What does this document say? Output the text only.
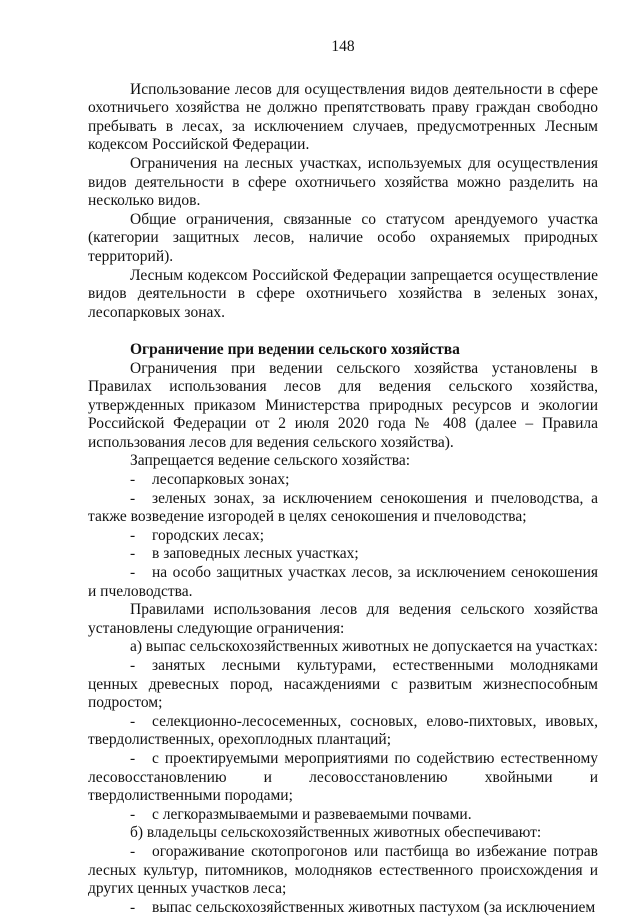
148

Использование лесов для осуществления видов деятельности в сфере охотничьего хозяйства не должно препятствовать праву граждан свободно пребывать в лесах, за исключением случаев, предусмотренных Лесным кодексом Российской Федерации.

Ограничения на лесных участках, используемых для осуществления видов деятельности в сфере охотничьего хозяйства можно разделить на несколько видов.

Общие ограничения, связанные со статусом арендуемого участка (категории защитных лесов, наличие особо охраняемых природных территорий).

Лесным кодексом Российской Федерации запрещается осуществление видов деятельности в сфере охотничьего хозяйства в зеленых зонах, лесопарковых зонах.

Ограничение при ведении сельского хозяйства

Ограничения при ведении сельского хозяйства установлены в Правилах использования лесов для ведения сельского хозяйства, утвержденных приказом Министерства природных ресурсов и экологии Российской Федерации от 2 июля 2020 года № 408 (далее – Правила использования лесов для ведения сельского хозяйства).

Запрещается ведение сельского хозяйства:

- лесопарковых зонах;

- зеленых зонах, за исключением сенокошения и пчеловодства, а также возведение изгородей в целях сенокошения и пчеловодства;

- городских лесах;

- в заповедных лесных участках;

- на особо защитных участках лесов, за исключением сенокошения и пчеловодства.

Правилами использования лесов для ведения сельского хозяйства установлены следующие ограничения:

а) выпас сельскохозяйственных животных не допускается на участках:

- занятых лесными культурами, естественными молодняками ценных древесных пород, насаждениями с развитым жизнеспособным подростом;

- селекционно-лесосеменных, сосновых, елово-пихтовых, ивовых, твердолиственных, орехоплодных плантаций;

- с проектируемыми мероприятиями по содействию естественному лесовосстановлению и лесовосстановлению хвойными и твердолиственными породами;

- с легкоразмываемыми и развеваемыми почвами.

б) владельцы сельскохозяйственных животных обеспечивают:

- огораживание скотопрогонов или пастбища во избежание потрав лесных культур, питомников, молодняков естественного происхождения и других ценных участков леса;

- выпас сельскохозяйственных животных пастухом (за исключением
